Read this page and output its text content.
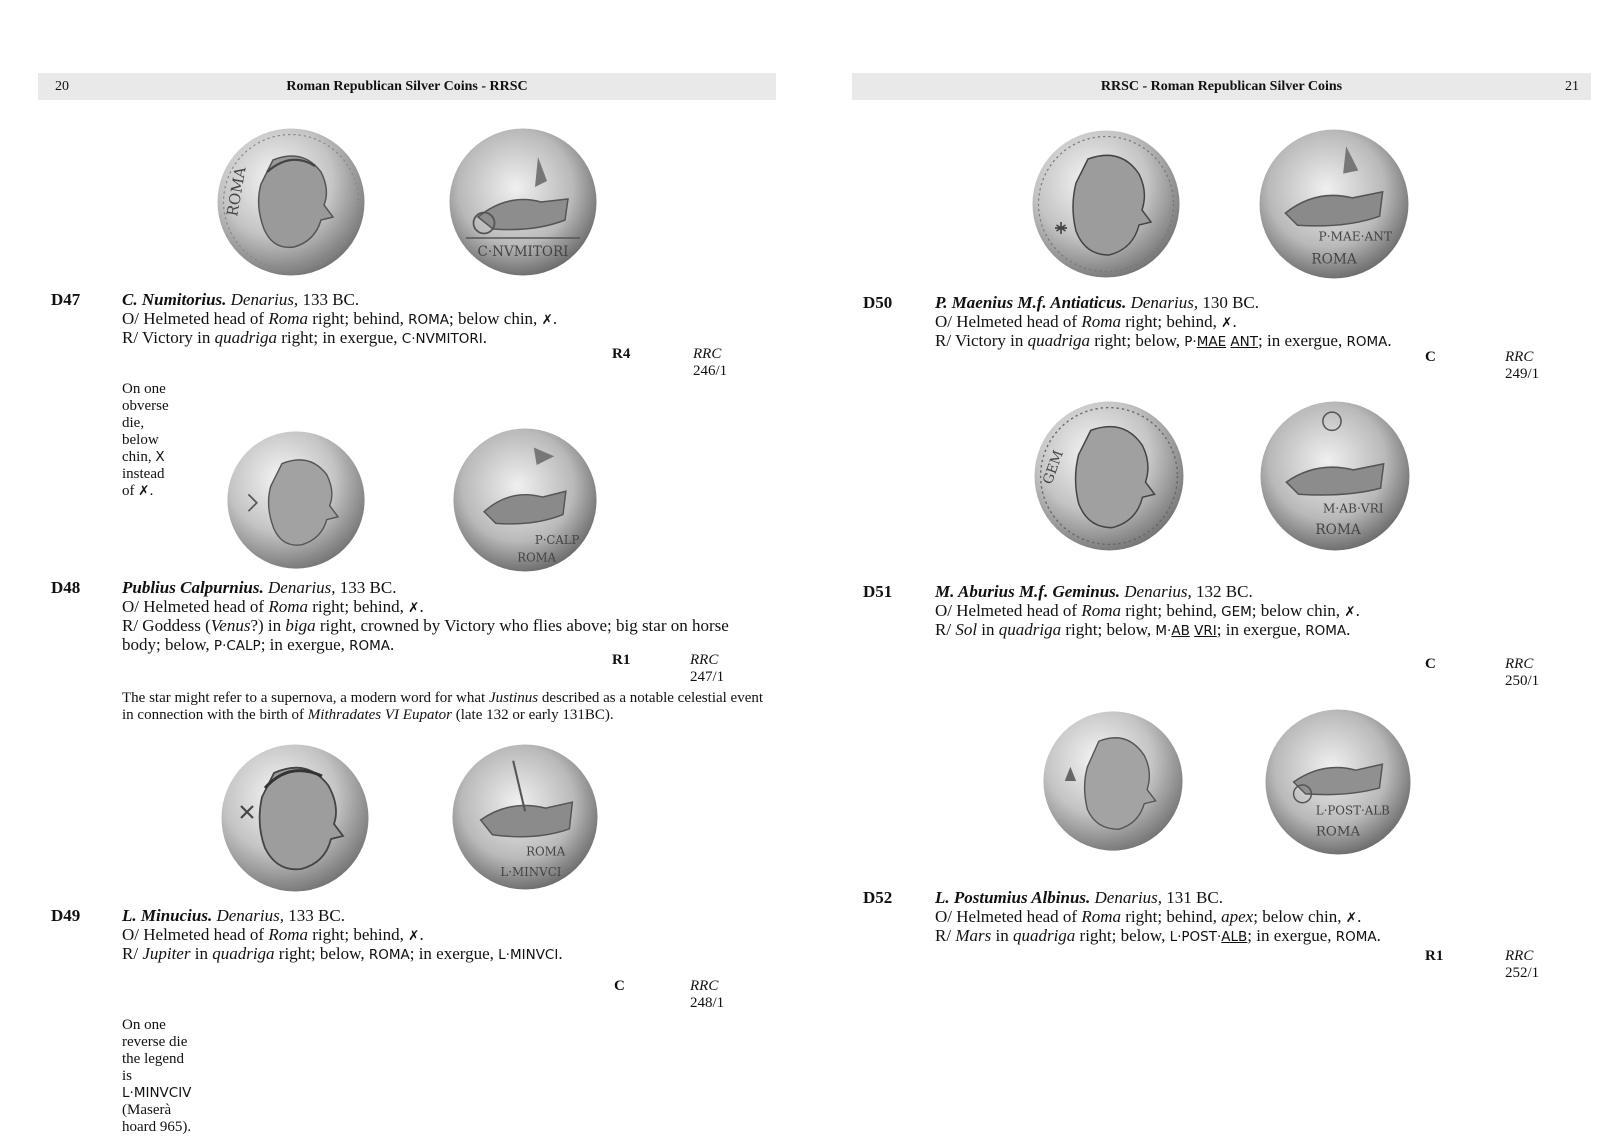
20	Roman Republican Silver Coins - RRSC
ROMA
C·NVMITORI
D47 C. Numitorius. Denarius, 133 BC.
O/ Helmeted head of Roma right; behind, ROMA; below chin, ✗.
R/ Victory in quadriga right; in exergue, C·NVMITORI.
R4	RRC 246/1
On one obverse die, below chin, X instead of ✗.
P·CALP
ROMA
D48 Publius Calpurnius. Denarius, 133 BC.
O/ Helmeted head of Roma right; behind, ✗.
R/ Goddess (Venus?) in biga right, crowned by Victory who flies above; big star on horse body; below, P·CALP; in exergue, ROMA.
R1	RRC 247/1
The star might refer to a supernova, a modern word for what Justinus described as a notable celestial event in connection with the birth of Mithradates VI Eupator (late 132 or early 131BC).
ROMA
L·MINVCI
D49 L. Minucius. Denarius, 133 BC.
O/ Helmeted head of Roma right; behind, ✗.
R/ Jupiter in quadriga right; below, ROMA; in exergue, L·MINVCI.
C	RRC 248/1
On one reverse die the legend is L·MINVCIV (Maserà hoard 965).
RRSC - Roman Republican Silver Coins	21
P·MAE·ANT
ROMA
D50	P. Maenius M.f. Antiaticus. Denarius, 130 BC.
O/ Helmeted head of Roma right; behind, ✗.
R/ Victory in quadriga right; below, P·MAE ANT; in exergue, ROMA.
C	RRC 249/1
GEM
M·AB·VRI
ROMA
D51	M. Aburius M.f. Geminus. Denarius, 132 BC.
O/ Helmeted head of Roma right; behind, GEM; below chin, ✗.
R/ Sol in quadriga right; below, M·AB VRI; in exergue, ROMA.
C	RRC 250/1
L·POST·ALB
ROMA
D52	L. Postumius Albinus. Denarius, 131 BC.
O/ Helmeted head of Roma right; behind, apex; below chin, ✗.
R/ Mars in quadriga right; below, L·POST·ALB; in exergue, ROMA.
R1	RRC 252/1
